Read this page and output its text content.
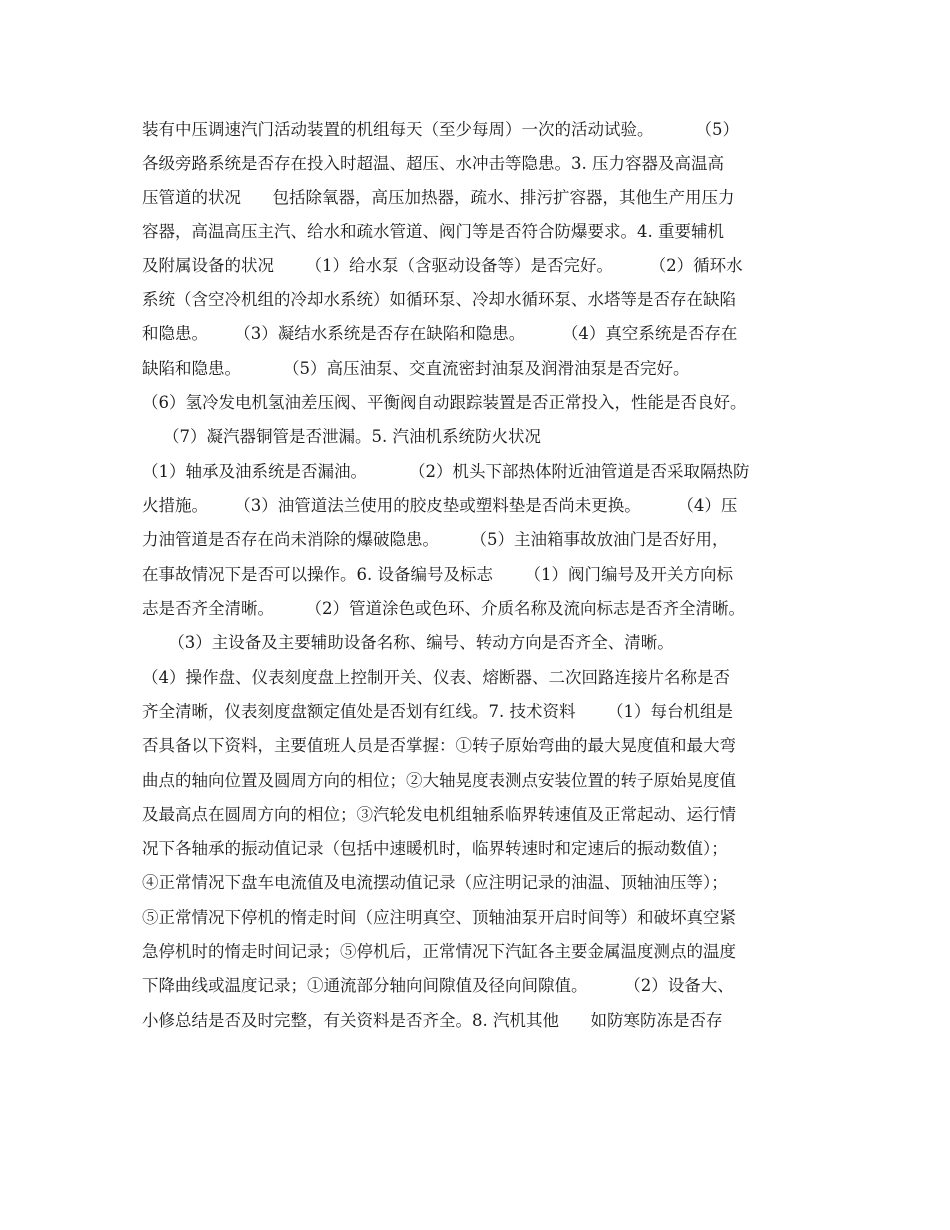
装有中压调速汽门活动装置的机组每天（至少每周）一次的活动试验。        （5）
各级旁路系统是否存在投入时超温、超压、水冲击等隐患。3. 压力容器及高温高
压管道的状况      包括除氧器，高压加热器，疏水、排污扩容器，其他生产用压力
容器，高温高压主汽、给水和疏水管道、阀门等是否符合防爆要求。4. 重要辅机
及附属设备的状况      （1）给水泵（含驱动设备等）是否完好。       （2）循环水
系统（含空冷机组的冷却水系统）如循环泵、冷却水循环泵、水塔等是否存在缺陷
和隐患。     （3）凝结水系统是否存在缺陷和隐患。       （4）真空系统是否存在
缺陷和隐患。        （5）高压油泵、交直流密封油泵及润滑油泵是否完好。
（6）氢冷发电机氢油差压阀、平衡阀自动跟踪装置是否正常投入，性能是否良好。
（7）凝汽器铜管是否泄漏。5. 汽油机系统防火状况
（1）轴承及油系统是否漏油。        （2）机头下部热体附近油管道是否采取隔热防
火措施。     （3）油管道法兰使用的胶皮垫或塑料垫是否尚未更换。       （4）压
力油管道是否存在尚未消除的爆破隐患。      （5）主油箱事故放油门是否好用，
在事故情况下是否可以操作。6. 设备编号及标志      （1）阀门编号及开关方向标
志是否齐全清晰。      （2）管道涂色或色环、介质名称及流向标志是否齐全清晰。
（3）主设备及主要辅助设备名称、编号、转动方向是否齐全、清晰。
（4）操作盘、仪表刻度盘上控制开关、仪表、熔断器、二次回路连接片名称是否
齐全清晰，仪表刻度盘额定值处是否划有红线。7. 技术资料      （1）每台机组是
否具备以下资料，主要值班人员是否掌握：①转子原始弯曲的最大晃度值和最大弯
曲点的轴向位置及圆周方向的相位；②大轴晃度表测点安装位置的转子原始晃度值
及最高点在圆周方向的相位；③汽轮发电机组轴系临界转速值及正常起动、运行情
况下各轴承的振动值记录（包括中速暖机时，临界转速时和定速后的振动数值）；
④正常情况下盘车电流值及电流摆动值记录（应注明记录的油温、顶轴油压等）；
⑤正常情况下停机的惰走时间（应注明真空、顶轴油泵开启时间等）和破坏真空紧
急停机时的惰走时间记录；⑤停机后，正常情况下汽缸各主要金属温度测点的温度
下降曲线或温度记录；①通流部分轴向间隙值及径向间隙值。       （2）设备大、
小修总结是否及时完整，有关资料是否齐全。8. 汽机其他      如防寒防冻是否存
